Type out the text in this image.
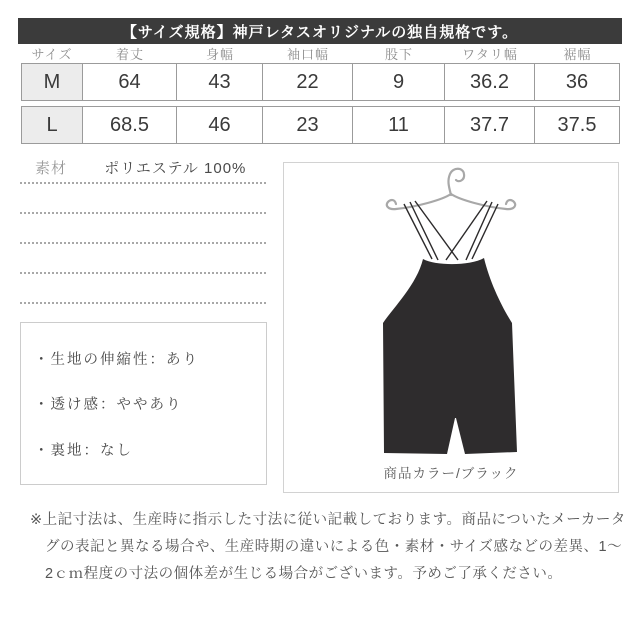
【サイズ規格】神戸レタスオリジナルの独自規格です。
サイズ	着丈	身幅	袖口幅	股下	ワタリ幅	裾幅
M	64	43	22	9	36.2	36
L	68.5	46	23	11	37.7	37.5
素材 ポリエステル 100%
・生地の伸縮性：あり
・透け感：ややあり
・裏地：なし
商品カラー/ブラック
※上記寸法は、生産時に指示した寸法に従い記載しております。商品についたメーカータグの表記と異なる場合や、生産時期の違いによる色・素材・サイズ感などの差異、1～2ｃｍ程度の寸法の個体差が生じる場合がございます。予めご了承ください。
